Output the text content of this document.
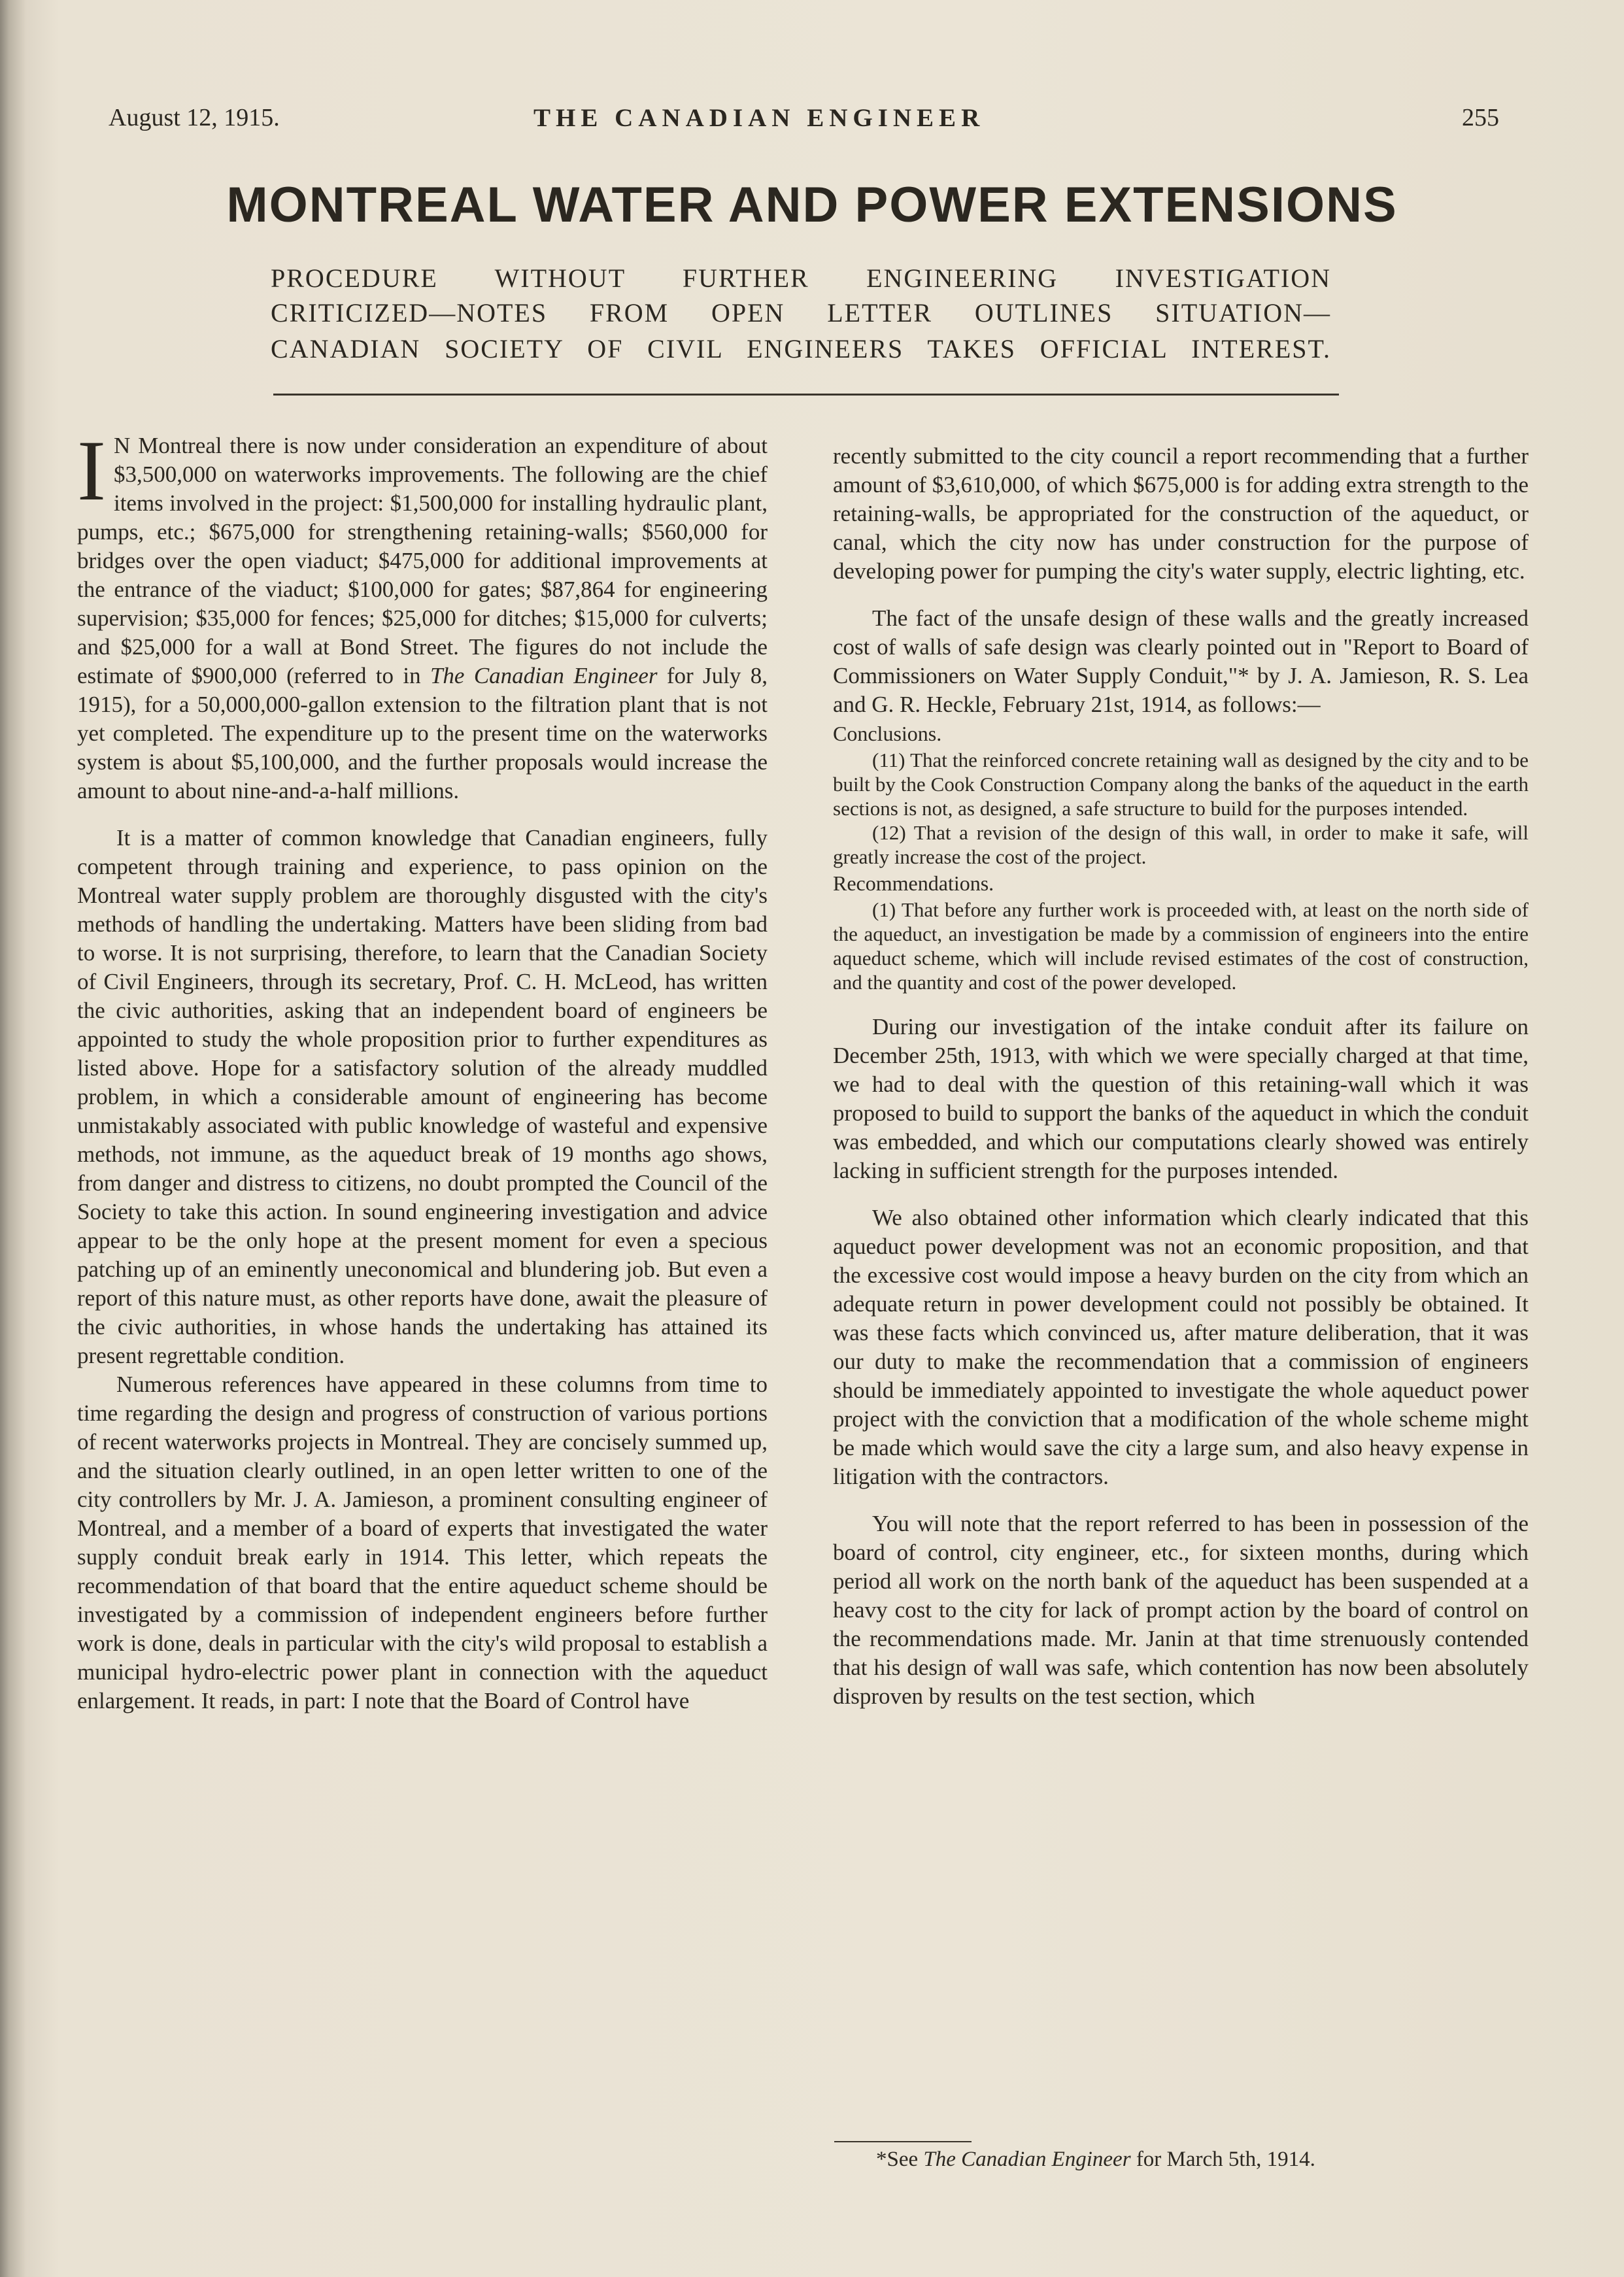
August 12, 1915.	THE CANADIAN ENGINEER	255
MONTREAL WATER AND POWER EXTENSIONS
PROCEDURE WITHOUT FURTHER ENGINEERING INVESTIGATION
CRITICIZED—NOTES FROM OPEN LETTER OUTLINES SITUATION—
CANADIAN SOCIETY OF CIVIL ENGINEERS TAKES OFFICIAL INTEREST.

I N Montreal there is now under consideration an expenditure of about $3,500,000 on waterworks improvements. The following are the chief items involved in the project: $1,500,000 for installing hydraulic plant, pumps, etc.; $675,000 for strengthening retaining-walls; $560,000 for bridges over the open viaduct; $475,000 for additional improvements at the entrance of the viaduct; $100,000 for gates; $87,864 for engineering supervision; $35,000 for fences; $25,000 for ditches; $15,000 for culverts; and $25,000 for a wall at Bond Street. The figures do not include the estimate of $900,000 (referred to in The Canadian Engineer for July 8, 1915), for a 50,000,000-gallon extension to the filtration plant that is not yet completed. The expenditure up to the present time on the waterworks system is about $5,100,000, and the further proposals would increase the amount to about nine-and-a-half millions.

It is a matter of common knowledge that Canadian engineers, fully competent through training and experience, to pass opinion on the Montreal water supply problem are thoroughly disgusted with the city's methods of handling the undertaking. Matters have been sliding from bad to worse. It is not surprising, therefore, to learn that the Canadian Society of Civil Engineers, through its secretary, Prof. C. H. McLeod, has written the civic authorities, asking that an independent board of engineers be appointed to study the whole proposition prior to further expenditures as listed above. Hope for a satisfactory solution of the already muddled problem, in which a considerable amount of engineering has become unmistakably associated with public knowledge of wasteful and expensive methods, not immune, as the aqueduct break of 19 months ago shows, from danger and distress to citizens, no doubt prompted the Council of the Society to take this action. In sound engineering investigation and advice appear to be the only hope at the present moment for even a specious patching up of an eminently uneconomical and blundering job. But even a report of this nature must, as other reports have done, await the pleasure of the civic authorities, in whose hands the undertaking has attained its present regrettable condition.

Numerous references have appeared in these columns from time to time regarding the design and progress of construction of various portions of recent waterworks projects in Montreal. They are concisely summed up, and the situation clearly outlined, in an open letter written to one of the city controllers by Mr. J. A. Jamieson, a prominent consulting engineer of Montreal, and a member of a board of experts that investigated the water supply conduit break early in 1914. This letter, which repeats the recommendation of that board that the entire aqueduct scheme should be investigated by a commission of independent engineers before further work is done, deals in particular with the city's wild proposal to establish a municipal hydro-electric power plant in connection with the aqueduct enlargement. It reads, in part: I note that the Board of Control have

recently submitted to the city council a report recommending that a further amount of $3,610,000, of which $675,000 is for adding extra strength to the retaining-walls, be appropriated for the construction of the aqueduct, or canal, which the city now has under construction for the purpose of developing power for pumping the city's water supply, electric lighting, etc.

The fact of the unsafe design of these walls and the greatly increased cost of walls of safe design was clearly pointed out in "Report to Board of Commissioners on Water Supply Conduit,"* by J. A. Jamieson, R. S. Lea and G. R. Heckle, February 21st, 1914, as follows:—

Conclusions.

(11) That the reinforced concrete retaining wall as designed by the city and to be built by the Cook Construction Company along the banks of the aqueduct in the earth sections is not, as designed, a safe structure to build for the purposes intended.

(12) That a revision of the design of this wall, in order to make it safe, will greatly increase the cost of the project.

Recommendations.

(1) That before any further work is proceeded with, at least on the north side of the aqueduct, an investigation be made by a commission of engineers into the entire aqueduct scheme, which will include revised estimates of the cost of construction, and the quantity and cost of the power developed.

During our investigation of the intake conduit after its failure on December 25th, 1913, with which we were specially charged at that time, we had to deal with the question of this retaining-wall which it was proposed to build to support the banks of the aqueduct in which the conduit was embedded, and which our computations clearly showed was entirely lacking in sufficient strength for the purposes intended.

We also obtained other information which clearly indicated that this aqueduct power development was not an economic proposition, and that the excessive cost would impose a heavy burden on the city from which an adequate return in power development could not possibly be obtained. It was these facts which convinced us, after mature deliberation, that it was our duty to make the recommendation that a commission of engineers should be immediately appointed to investigate the whole aqueduct power project with the conviction that a modification of the whole scheme might be made which would save the city a large sum, and also heavy expense in litigation with the contractors.

You will note that the report referred to has been in possession of the board of control, city engineer, etc., for sixteen months, during which period all work on the north bank of the aqueduct has been suspended at a heavy cost to the city for lack of prompt action by the board of control on the recommendations made. Mr. Janin at that time strenuously contended that his design of wall was safe, which contention has now been absolutely disproven by results on the test section, which

*See The Canadian Engineer for March 5th, 1914.
